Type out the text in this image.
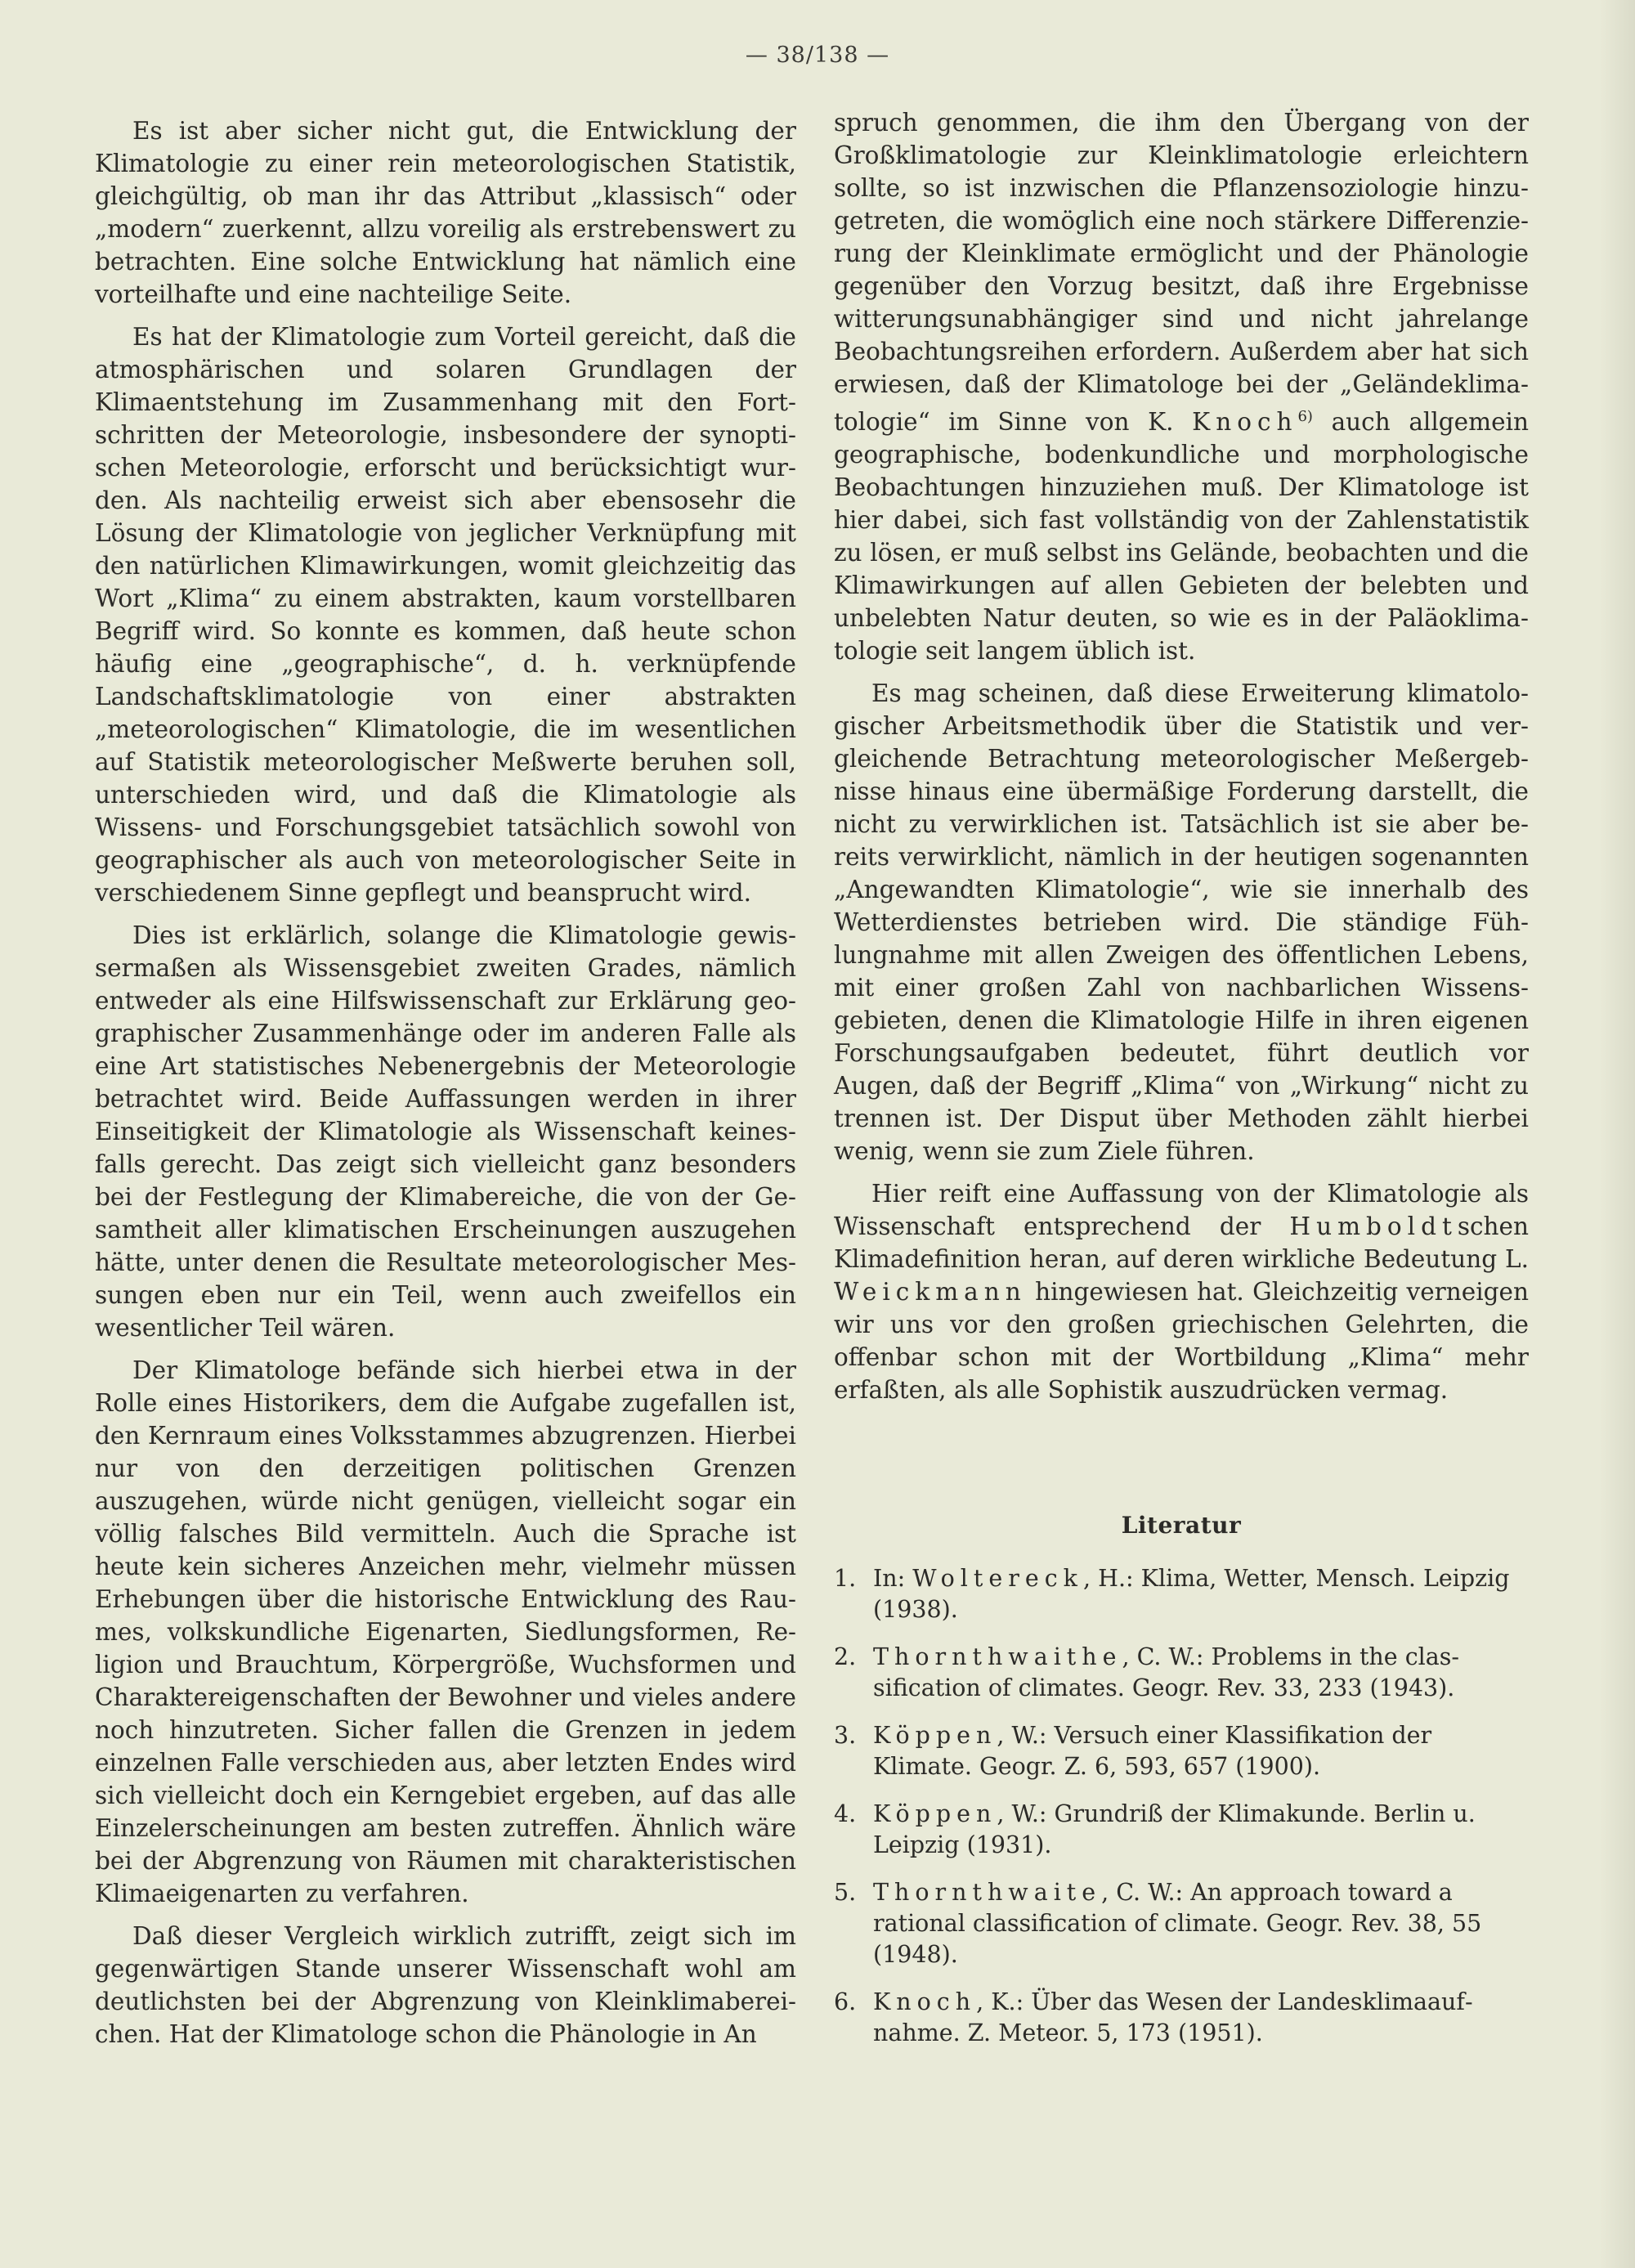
— 38/138 —

Es ist aber sicher nicht gut, die Entwicklung der Klimatologie zu einer rein meteorologischen Statistik, gleichgültig, ob man ihr das Attribut „klassisch“ oder „modern“ zuerkennt, allzu voreilig als erstrebenswert zu betrachten. Eine solche Entwicklung hat nämlich eine vorteilhafte und eine nachteilige Seite.

Es hat der Klimatologie zum Vorteil gereicht, daß die atmosphärischen und solaren Grundlagen der Klimaentstehung im Zusammenhang mit den Fortschritten der Meteorologie, insbesondere der synoptischen Meteorologie, erforscht und berücksichtigt wurden. Als nachteilig erweist sich aber ebensosehr die Lösung der Klimatologie von jeglicher Verknüpfung mit den natürlichen Klimawirkungen, womit gleichzeitig das Wort „Klima“ zu einem abstrakten, kaum vorstellbaren Begriff wird. So konnte es kommen, daß heute schon häufig eine „geographische“, d. h. verknüpfende Landschaftsklimatologie von einer abstrakten „meteorologischen“ Klimatologie, die im wesentlichen auf Statistik meteorologischer Meßwerte beruhen soll, unterschieden wird, und daß die Klimatologie als Wissens- und Forschungsgebiet tatsächlich sowohl von geographischer als auch von meteorologischer Seite in verschiedenem Sinne gepflegt und beansprucht wird.

Dies ist erklärlich, solange die Klimatologie gewissermaßen als Wissensgebiet zweiten Grades, nämlich entweder als eine Hilfswissenschaft zur Erklärung geographischer Zusammenhänge oder im anderen Falle als eine Art statistisches Nebenergebnis der Meteorologie betrachtet wird. Beide Auffassungen werden in ihrer Einseitigkeit der Klimatologie als Wissenschaft keinesfalls gerecht. Das zeigt sich vielleicht ganz besonders bei der Festlegung der Klimabereiche, die von der Gesamtheit aller klimatischen Erscheinungen auszugehen hätte, unter denen die Resultate meteorologischer Messungen eben nur ein Teil, wenn auch zweifellos ein wesentlicher Teil wären.

Der Klimatologe befände sich hierbei etwa in der Rolle eines Historikers, dem die Aufgabe zugefallen ist, den Kernraum eines Volksstammes abzugrenzen. Hierbei nur von den derzeitigen politischen Grenzen auszugehen, würde nicht genügen, vielleicht sogar ein völlig falsches Bild vermitteln. Auch die Sprache ist heute kein sicheres Anzeichen mehr, vielmehr müssen Erhebungen über die historische Entwicklung des Raumes, volkskundliche Eigenarten, Siedlungsformen, Religion und Brauchtum, Körpergröße, Wuchsformen und Charaktereigenschaften der Bewohner und vieles andere noch hinzutreten. Sicher fallen die Grenzen in jedem einzelnen Falle verschieden aus, aber letzten Endes wird sich vielleicht doch ein Kerngebiet ergeben, auf das alle Einzelerscheinungen am besten zutreffen. Ähnlich wäre bei der Abgrenzung von Räumen mit charakteristischen Klimaeigenarten zu verfahren.

Daß dieser Vergleich wirklich zutrifft, zeigt sich im gegenwärtigen Stande unserer Wissenschaft wohl am deutlichsten bei der Abgrenzung von Kleinklimabereichen. Hat der Klimatologe schon die Phänologie in An

spruch genommen, die ihm den Übergang von der Großklimatologie zur Kleinklimatologie erleichtern sollte, so ist inzwischen die Pflanzensoziologie hinzugetreten, die womöglich eine noch stärkere Differenzierung der Kleinklimate ermöglicht und der Phänologie gegenüber den Vorzug besitzt, daß ihre Ergebnisse witterungsunabhängiger sind und nicht jahrelange Beobachtungsreihen erfordern. Außerdem aber hat sich erwiesen, daß der Klimatologe bei der „Geländeklimatologie“ im Sinne von K. Knoch$^{6)}$ auch allgemein geographische, bodenkundliche und morphologische Beobachtungen hinzuziehen muß. Der Klimatologe ist hier dabei, sich fast vollständig von der Zahlenstatistik zu lösen, er muß selbst ins Gelände, beobachten und die Klimawirkungen auf allen Gebieten der belebten und unbelebten Natur deuten, so wie es in der Paläoklimatologie seit langem üblich ist.

Es mag scheinen, daß diese Erweiterung klimatologischer Arbeitsmethodik über die Statistik und vergleichende Betrachtung meteorologischer Meßergebnisse hinaus eine übermäßige Forderung darstellt, die nicht zu verwirklichen ist. Tatsächlich ist sie aber bereits verwirklicht, nämlich in der heutigen sogenannten „Angewandten Klimatologie“, wie sie innerhalb des Wetterdienstes betrieben wird. Die ständige Fühlungnahme mit allen Zweigen des öffentlichen Lebens, mit einer großen Zahl von nachbarlichen Wissensgebieten, denen die Klimatologie Hilfe in ihren eigenen Forschungsaufgaben bedeutet, führt deutlich vor Augen, daß der Begriff „Klima“ von „Wirkung“ nicht zu trennen ist. Der Disput über Methoden zählt hierbei wenig, wenn sie zum Ziele führen.

Hier reift eine Auffassung von der Klimatologie als Wissenschaft entsprechend der Humboldtschen Klimadefinition heran, auf deren wirkliche Bedeutung L. Weickmann hingewiesen hat. Gleichzeitig verneigen wir uns vor den großen griechischen Gelehrten, die offenbar schon mit der Wortbildung „Klima“ mehr erfaßten, als alle Sophistik auszudrücken vermag.

Literatur
1. In: Woltereck, H.: Klima, Wetter, Mensch. Leipzig (1938).
2. Thornthwaithe, C. W.: Problems in the classification of climates. Geogr. Rev. 33, 233 (1943).
3. Köppen, W.: Versuch einer Klassifikation der Klimate. Geogr. Z. 6, 593, 657 (1900).
4. Köppen, W.: Grundriß der Klimakunde. Berlin u. Leipzig (1931).
5. Thornthwaite, C. W.: An approach toward a rational classification of climate. Geogr. Rev. 38, 55 (1948).
6. Knoch, K.: Über das Wesen der Landesklimaaufnahme. Z. Meteor. 5, 173 (1951).
